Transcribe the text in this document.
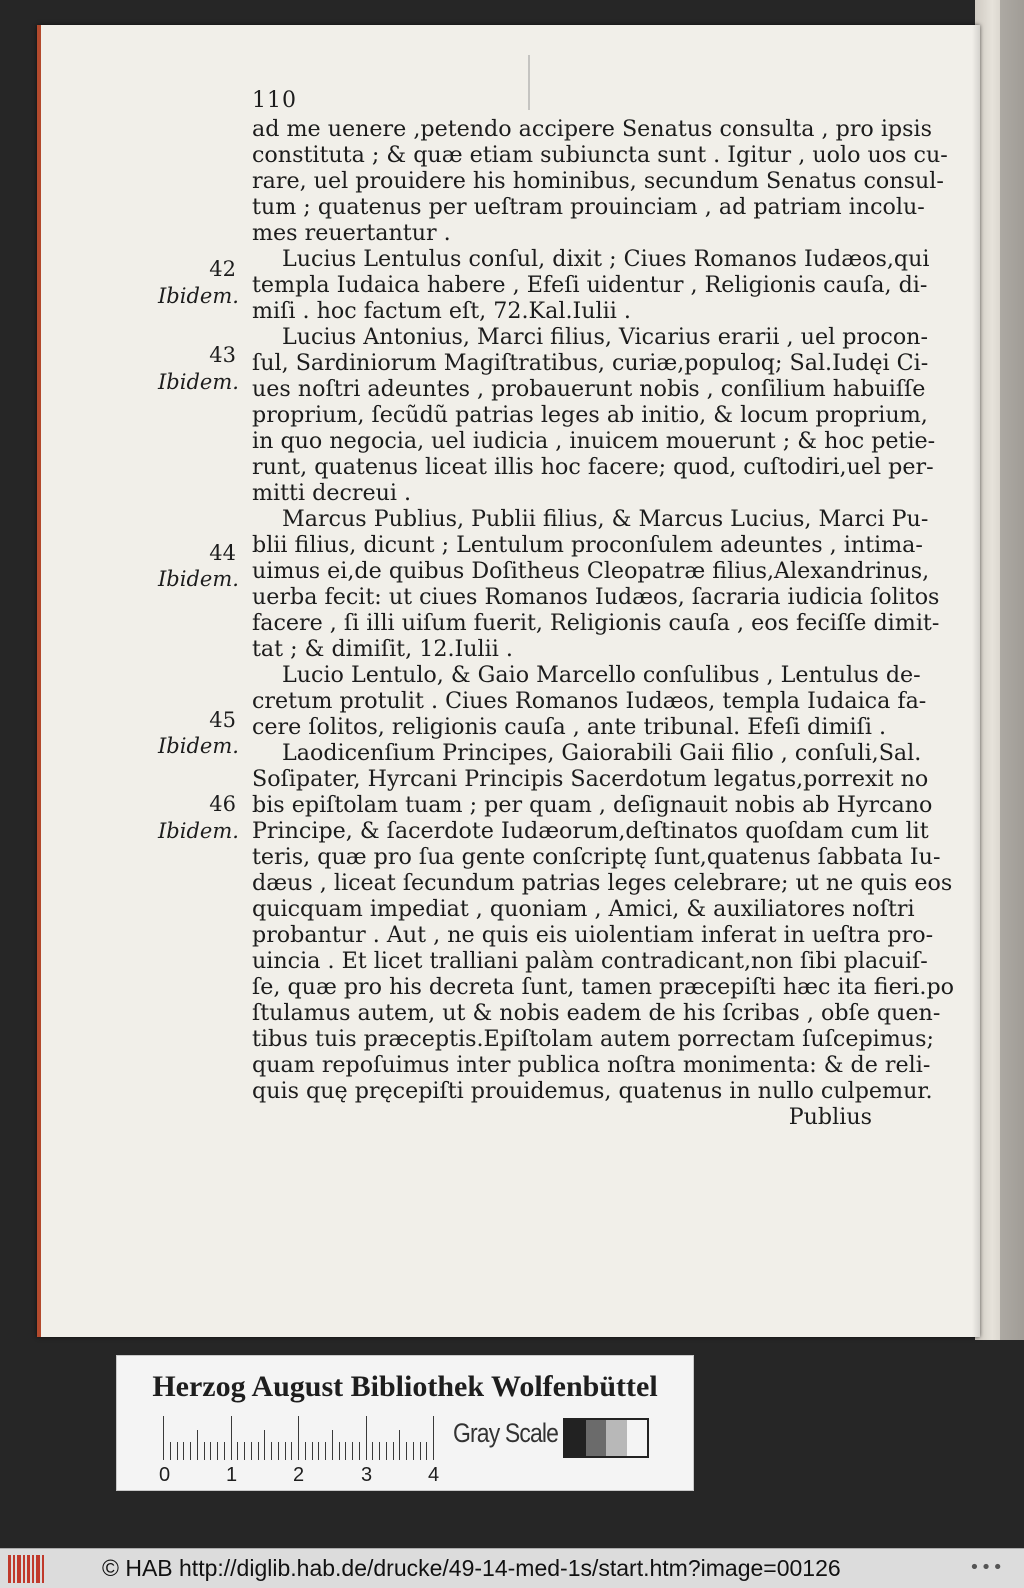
110
ad me uenere ,petendo accipere Senatus consulta , pro ipsis
constituta ; & quæ etiam subiuncta sunt . Igitur , uolo uos cu-
rare, uel prouidere his hominibus, secundum Senatus consul-
tum ; quatenus per ueſtram prouinciam , ad patriam incolu-
mes reuertantur .
Lucius Lentulus conſul, dixit ; Ciues Romanos Iudæos,qui
templa Iudaica habere , Efeſi uidentur , Religionis cauſa, di-
miſi . hoc factum eſt, 72.Kal.Iulii .
Lucius Antonius, Marci filius, Vicarius erarii , uel procon-
ſul, Sardiniorum Magiſtratibus, curiæ,populoq; Sal.Iudęi Ci-
ues noſtri adeuntes , probauerunt nobis , conſilium habuiſſe
proprium, ſecũdũ patrias leges ab initio, & locum proprium,
in quo negocia, uel iudicia , inuicem mouerunt ; & hoc petie-
runt, quatenus liceat illis hoc facere; quod, cuſtodiri,uel per-
mitti decreui .
Marcus Publius, Publii filius, & Marcus Lucius, Marci Pu-
blii filius, dicunt ; Lentulum proconſulem adeuntes , intima-
uimus ei,de quibus Doſitheus Cleopatræ filius,Alexandrinus,
uerba fecit: ut ciues Romanos Iudæos, ſacraria iudicia ſolitos
facere , ſi illi uiſum fuerit, Religionis cauſa , eos feciſſe dimit-
tat ; & dimiſit, 12.Iulii .
Lucio Lentulo, & Gaio Marcello conſulibus , Lentulus de-
cretum protulit . Ciues Romanos Iudæos, templa Iudaica fa-
cere ſolitos, religionis cauſa , ante tribunal. Efeſi dimiſi .
Laodicenſium Principes, Gaiorabili Gaii filio , conſuli,Sal.
Soſipater, Hyrcani Principis Sacerdotum legatus,porrexit no
bis epiſtolam tuam ; per quam , deſignauit nobis ab Hyrcano
Principe, & ſacerdote Iudæorum,deſtinatos quoſdam cum lit
teris, quæ pro ſua gente conſcriptę ſunt,quatenus ſabbata Iu-
dæus , liceat ſecundum patrias leges celebrare; ut ne quis eos
quicquam impediat , quoniam , Amici, & auxiliatores noſtri
probantur . Aut , ne quis eis uiolentiam inferat in ueſtra pro-
uincia . Et licet tralliani palàm contradicant,non ſibi placuiſ-
ſe, quæ pro his decreta ſunt, tamen præcepiſti hæc ita fieri.po
ſtulamus autem, ut & nobis eadem de his ſcribas , obſe quen-
tibus tuis præceptis.Epiſtolam autem porrectam ſuſcepimus;
quam repoſuimus inter publica noſtra monimenta: & de reli-
quis quę pręcepiſti prouidemus, quatenus in nullo culpemur.
Publius
42
Ibidem.
43
Ibidem.
44
Ibidem.
45
Ibidem.
46
Ibidem.
Herzog August Bibliothek Wolfenbüttel
0	1	2	3	4
Gray Scale
© HAB http://diglib.hab.de/drucke/49-14-med-1s/start.htm?image=00126	•••
